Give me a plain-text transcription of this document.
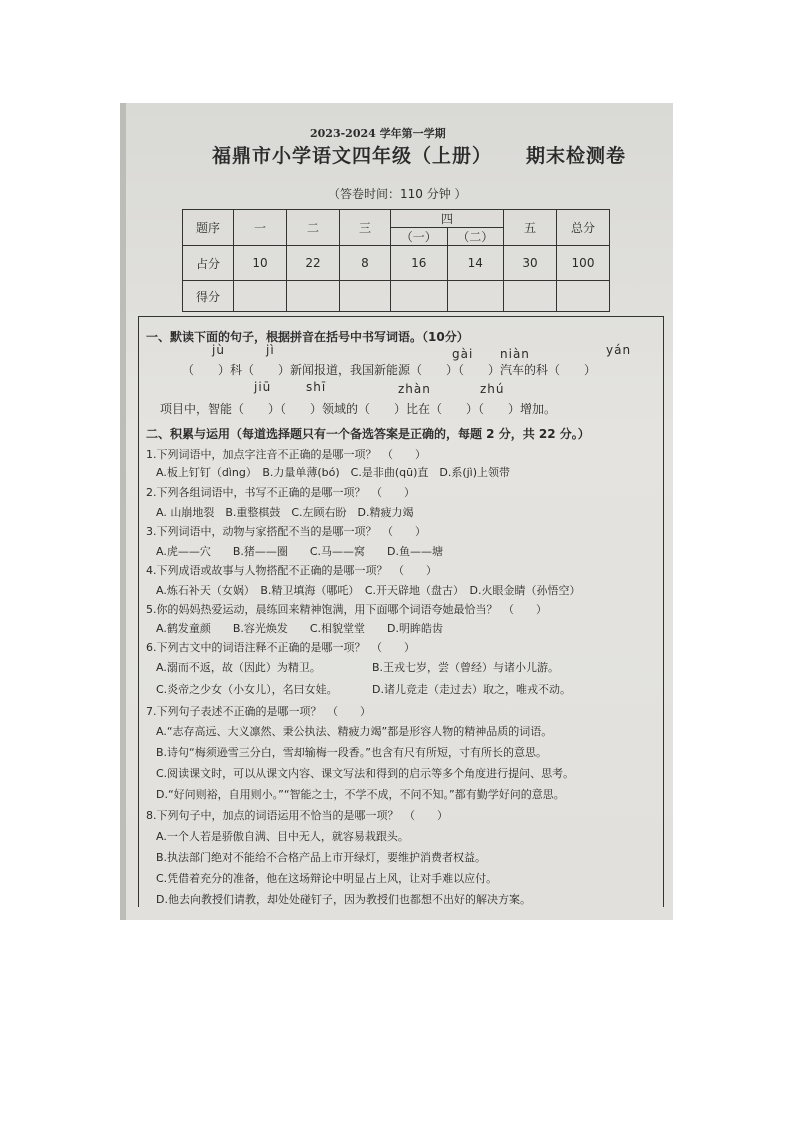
2023-2024 学年第一学期
福鼎市小学语文四年级（上册） 期末检测卷
（答卷时间：110 分钟 ）
题序	一	二	三	四		五	总分
				（一）	（二）		
占分	10	22	8	16	14	30	100
得分							
一、默读下面的句子，根据拼音在括号中书写词语。（10分）
jù	jì	gài niàn	yán
（　　）科（　　）新闻报道，我国新能源（　　）（　　）汽车的科（　　）
jiū	shī	zhàn	zhú
项目中，智能（　　）（　　）领域的（　　）比在（　　）（　　）增加。
二、积累与运用（每道选择题只有一个备选答案是正确的，每题 2 分，共 22 分。）
1.下列词语中，加点字注音不正确的是哪一项？　（　　）
A.板上钉钉（dìng）　B.力量单薄(bó)　C.是非曲(qū)直　D.系(jì)上领带
2.下列各组词语中，书写不正确的是哪一项？　（　　）
A. 山崩地裂　B.重整棋鼓　C.左顾右盼　D.精疲力竭
3.下列词语中，动物与家搭配不当的是哪一项？　（　　）
A.虎——穴　　B.猪——圈　　C.马——窝　　D.鱼——塘
4.下列成语或故事与人物搭配不正确的是哪一项？　（　　）
A.炼石补天（女娲）　B.精卫填海（哪吒）　C.开天辟地（盘古）　D.火眼金睛（孙悟空）
5.你的妈妈热爱运动，晨练回来精神饱满，用下面哪个词语夸她最恰当？　（　　）
A.鹤发童颜　　B.容光焕发　　C.相貌堂堂　　D.明眸皓齿
6.下列古文中的词语注释不正确的是哪一项？　（　　）
A.溺而不返，故（因此）为精卫。	B.王戎七岁，尝（曾经）与诸小儿游。
C.炎帝之少女（小女儿），名曰女娃。	D.诸儿竞走（走过去）取之，唯戎不动。
7.下列句子表述不正确的是哪一项？　（　　）
A.“志存高远、大义凛然、秉公执法、精疲力竭”都是形容人物的精神品质的词语。
B.诗句“梅须逊雪三分白，雪却输梅一段香。”也含有尺有所短，寸有所长的意思。
C.阅读课文时，可以从课文内容、课文写法和得到的启示等多个角度进行提问、思考。
D.“好问则裕，自用则小。”“智能之士，不学不成，不问不知。”都有勤学好问的意思。
8.下列句子中，加点的词语运用不恰当的是哪一项？　（　　）
A.一个人若是骄傲自满、目中无人，就容易栽跟头。
B.执法部门绝对不能给不合格产品上市开绿灯，要维护消费者权益。
C.凭借着充分的准备，他在这场辩论中明显占上风，让对手难以应付。
D.他去向教授们请教，却处处碰钉子，因为教授们也都想不出好的解决方案。
